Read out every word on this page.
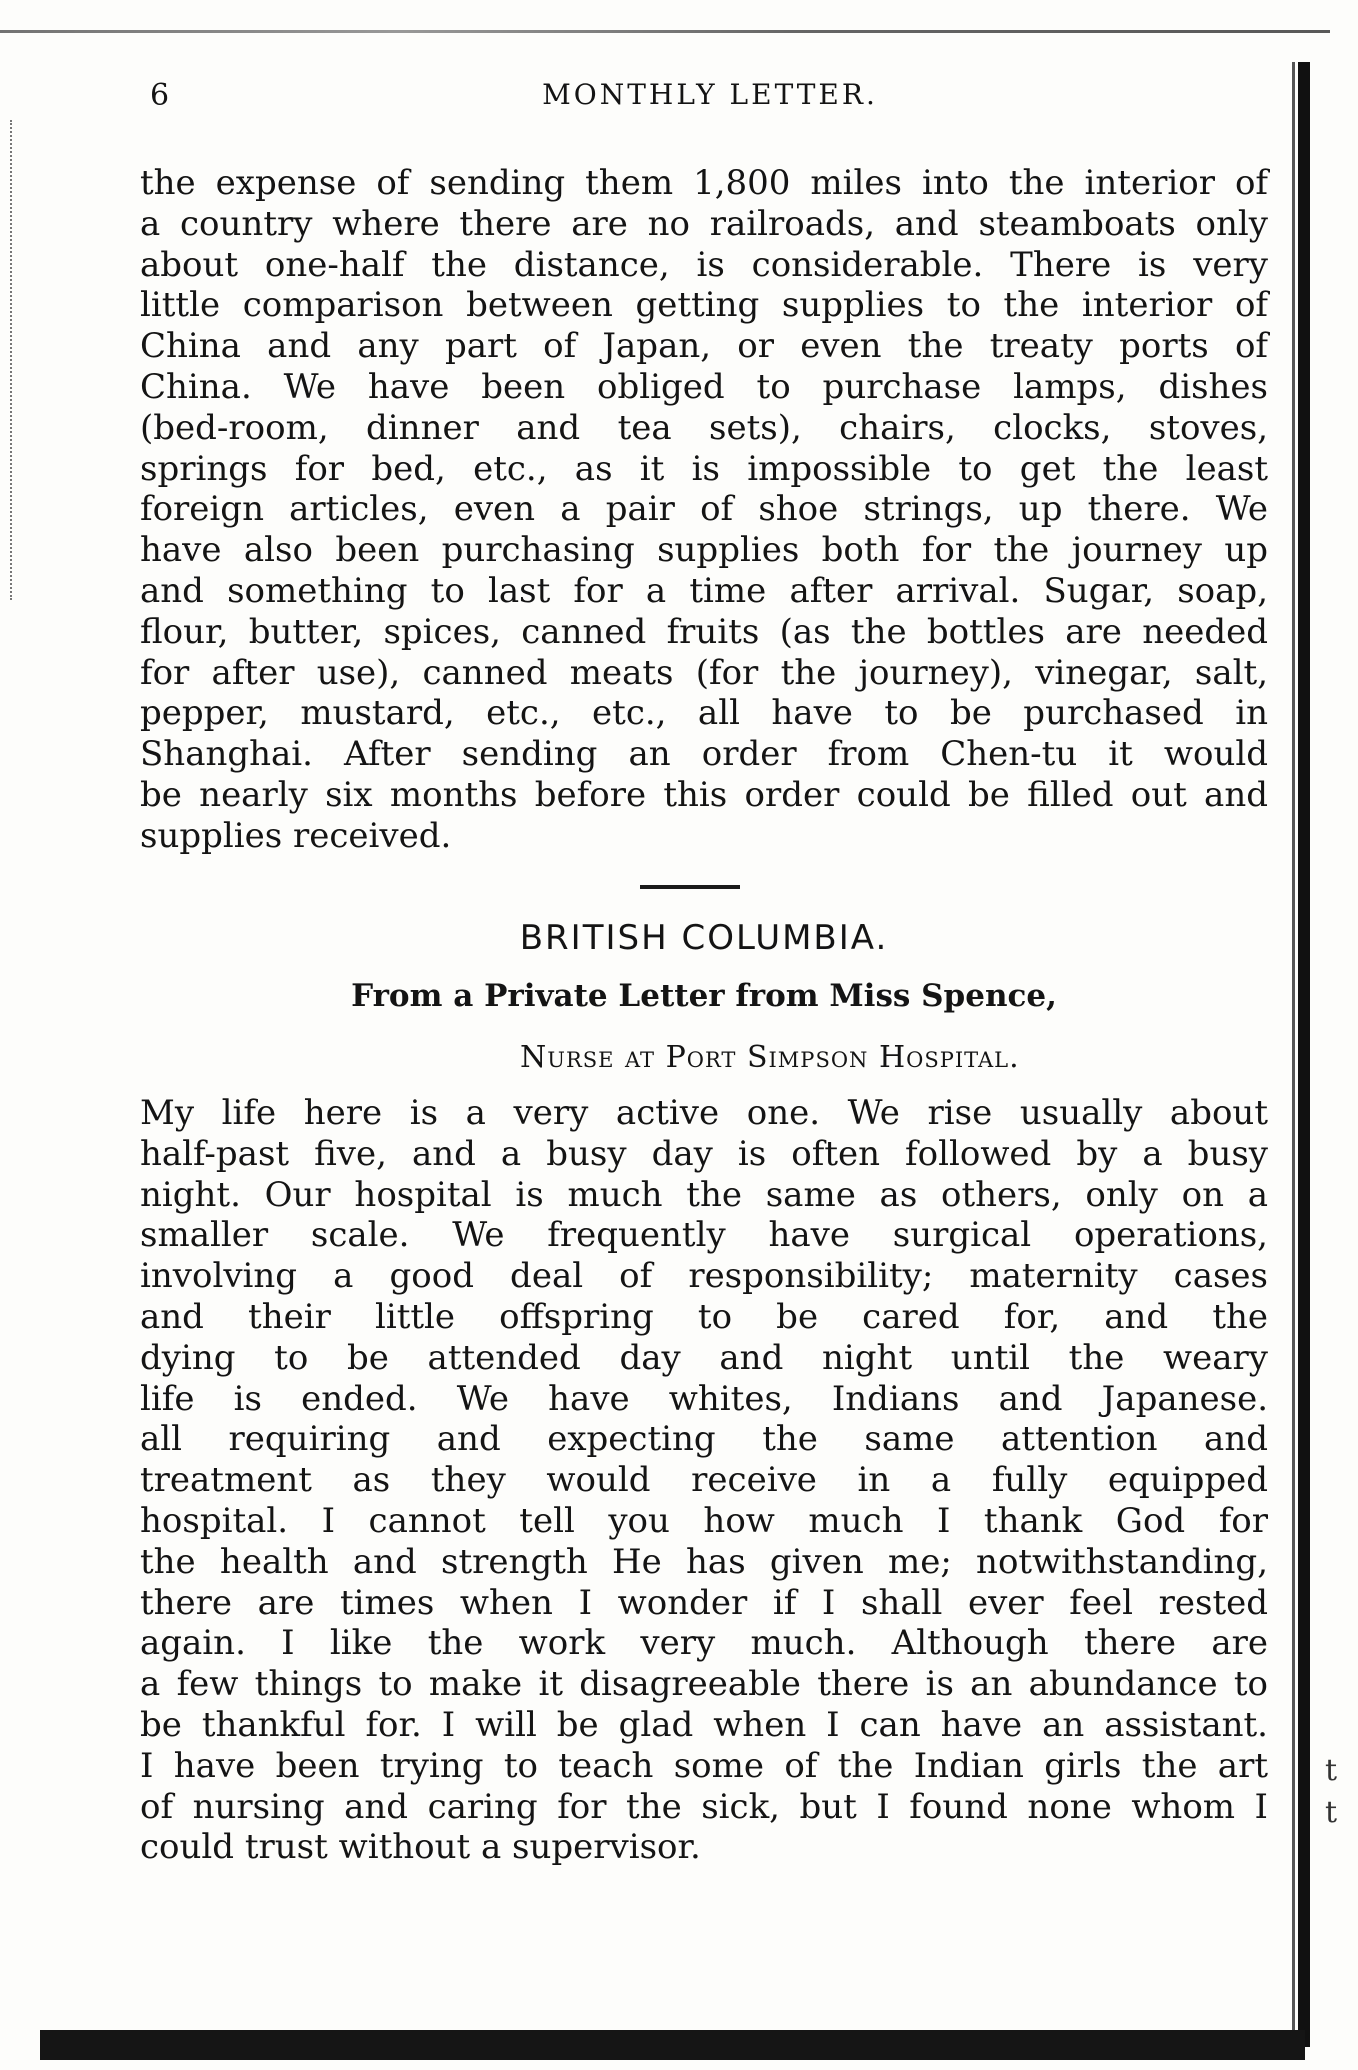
6	MONTHLY LETTER.
the expense of sending them 1,800 miles into the interior of
a country where there are no railroads, and steamboats only
about one-half the distance, is considerable. There is very
little comparison between getting supplies to the interior of
China and any part of Japan, or even the treaty ports of
China. We have been obliged to purchase lamps, dishes
(bed-room, dinner and tea sets), chairs, clocks, stoves,
springs for bed, etc., as it is impossible to get the least
foreign articles, even a pair of shoe strings, up there. We
have also been purchasing supplies both for the journey up
and something to last for a time after arrival. Sugar, soap,
flour, butter, spices, canned fruits (as the bottles are needed
for after use), canned meats (for the journey), vinegar, salt,
pepper, mustard, etc., etc., all have to be purchased in
Shanghai. After sending an order from Chen-tu it would
be nearly six months before this order could be filled out and
supplies received.
BRITISH COLUMBIA.
From a Private Letter from Miss Spence,
Nurse at Port Simpson Hospital.
My life here is a very active one. We rise usually about
half-past five, and a busy day is often followed by a busy
night. Our hospital is much the same as others, only on a
smaller scale. We frequently have surgical operations,
involving a good deal of responsibility; maternity cases
and their little offspring to be cared for, and the
dying to be attended day and night until the weary
life is ended. We have whites, Indians and Japanese.
all requiring and expecting the same attention and
treatment as they would receive in a fully equipped
hospital. I cannot tell you how much I thank God for
the health and strength He has given me; notwithstanding,
there are times when I wonder if I shall ever feel rested
again. I like the work very much. Although there are
a few things to make it disagreeable there is an abundance to
be thankful for. I will be glad when I can have an assistant.
I have been trying to teach some of the Indian girls the art
of nursing and caring for the sick, but I found none whom I
could trust without a supervisor.
t
t
